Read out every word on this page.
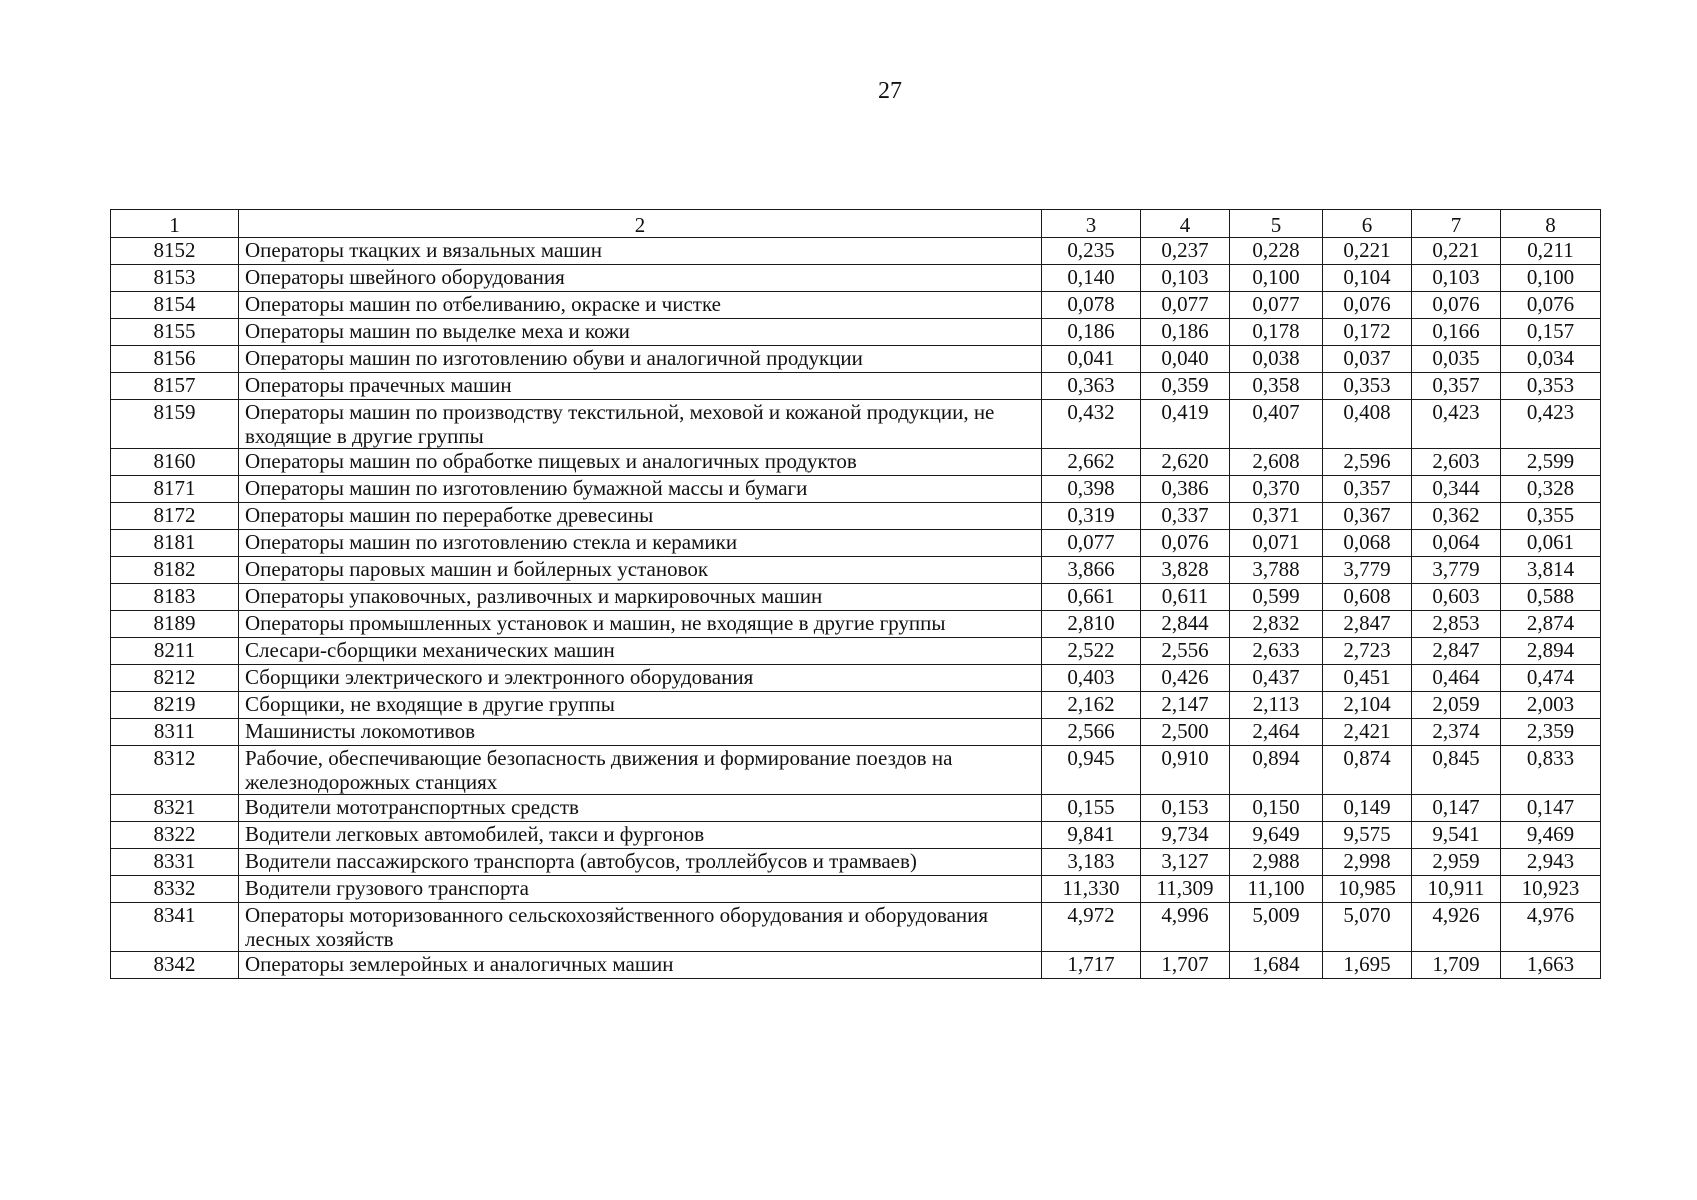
27
1	2	3	4	5	6	7	8
8152	Операторы ткацких и вязальных машин	0,235	0,237	0,228	0,221	0,221	0,211
8153	Операторы швейного оборудования	0,140	0,103	0,100	0,104	0,103	0,100
8154	Операторы машин по отбеливанию, окраске и чистке	0,078	0,077	0,077	0,076	0,076	0,076
8155	Операторы машин по выделке меха и кожи	0,186	0,186	0,178	0,172	0,166	0,157
8156	Операторы машин по изготовлению обуви и аналогичной продукции	0,041	0,040	0,038	0,037	0,035	0,034
8157	Операторы прачечных машин	0,363	0,359	0,358	0,353	0,357	0,353
8159	Операторы машин по производству текстильной, меховой и кожаной продукции, не входящие в другие группы	0,432	0,419	0,407	0,408	0,423	0,423
8160	Операторы машин по обработке пищевых и аналогичных продуктов	2,662	2,620	2,608	2,596	2,603	2,599
8171	Операторы машин по изготовлению бумажной массы и бумаги	0,398	0,386	0,370	0,357	0,344	0,328
8172	Операторы машин по переработке древесины	0,319	0,337	0,371	0,367	0,362	0,355
8181	Операторы машин по изготовлению стекла и керамики	0,077	0,076	0,071	0,068	0,064	0,061
8182	Операторы паровых машин и бойлерных установок	3,866	3,828	3,788	3,779	3,779	3,814
8183	Операторы упаковочных, разливочных и маркировочных машин	0,661	0,611	0,599	0,608	0,603	0,588
8189	Операторы промышленных установок и машин, не входящие в другие группы	2,810	2,844	2,832	2,847	2,853	2,874
8211	Слесари-сборщики механических машин	2,522	2,556	2,633	2,723	2,847	2,894
8212	Сборщики электрического и электронного оборудования	0,403	0,426	0,437	0,451	0,464	0,474
8219	Сборщики, не входящие в другие группы	2,162	2,147	2,113	2,104	2,059	2,003
8311	Машинисты локомотивов	2,566	2,500	2,464	2,421	2,374	2,359
8312	Рабочие, обеспечивающие безопасность движения и формирование поездов на железнодорожных станциях	0,945	0,910	0,894	0,874	0,845	0,833
8321	Водители мототранспортных средств	0,155	0,153	0,150	0,149	0,147	0,147
8322	Водители легковых автомобилей, такси и фургонов	9,841	9,734	9,649	9,575	9,541	9,469
8331	Водители пассажирского транспорта (автобусов, троллейбусов и трамваев)	3,183	3,127	2,988	2,998	2,959	2,943
8332	Водители грузового транспорта	11,330	11,309	11,100	10,985	10,911	10,923
8341	Операторы моторизованного сельскохозяйственного оборудования и оборудования лесных хозяйств	4,972	4,996	5,009	5,070	4,926	4,976
8342	Операторы землеройных и аналогичных машин	1,717	1,707	1,684	1,695	1,709	1,663
